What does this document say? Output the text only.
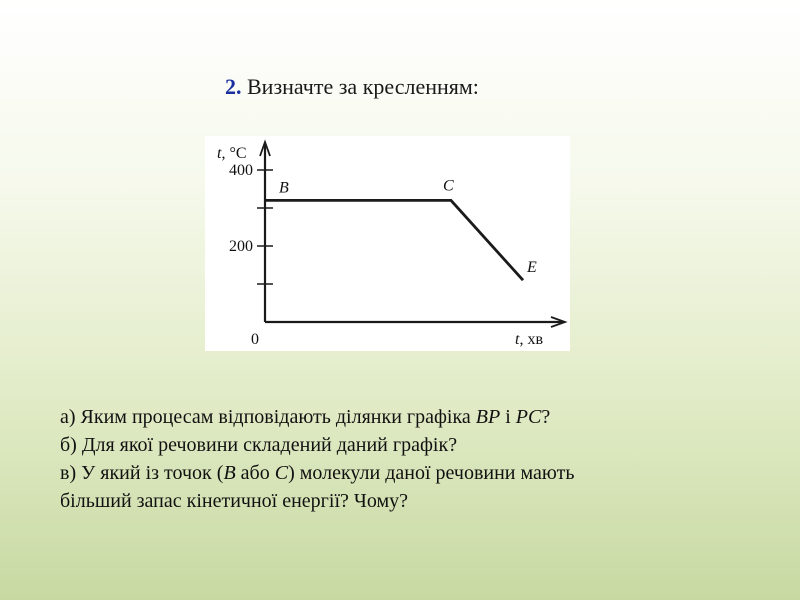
2. Визначте за кресленням:
t, °C
t, хв
0
200
400
B	C
E

а) Яким процесам відповідають ділянки графіка BP і PC?

б) Для якої речовини складений даний графік?

в) У який із точок (B або C) молекули даної речовини мають

більший запас кінетичної енергії? Чому?
